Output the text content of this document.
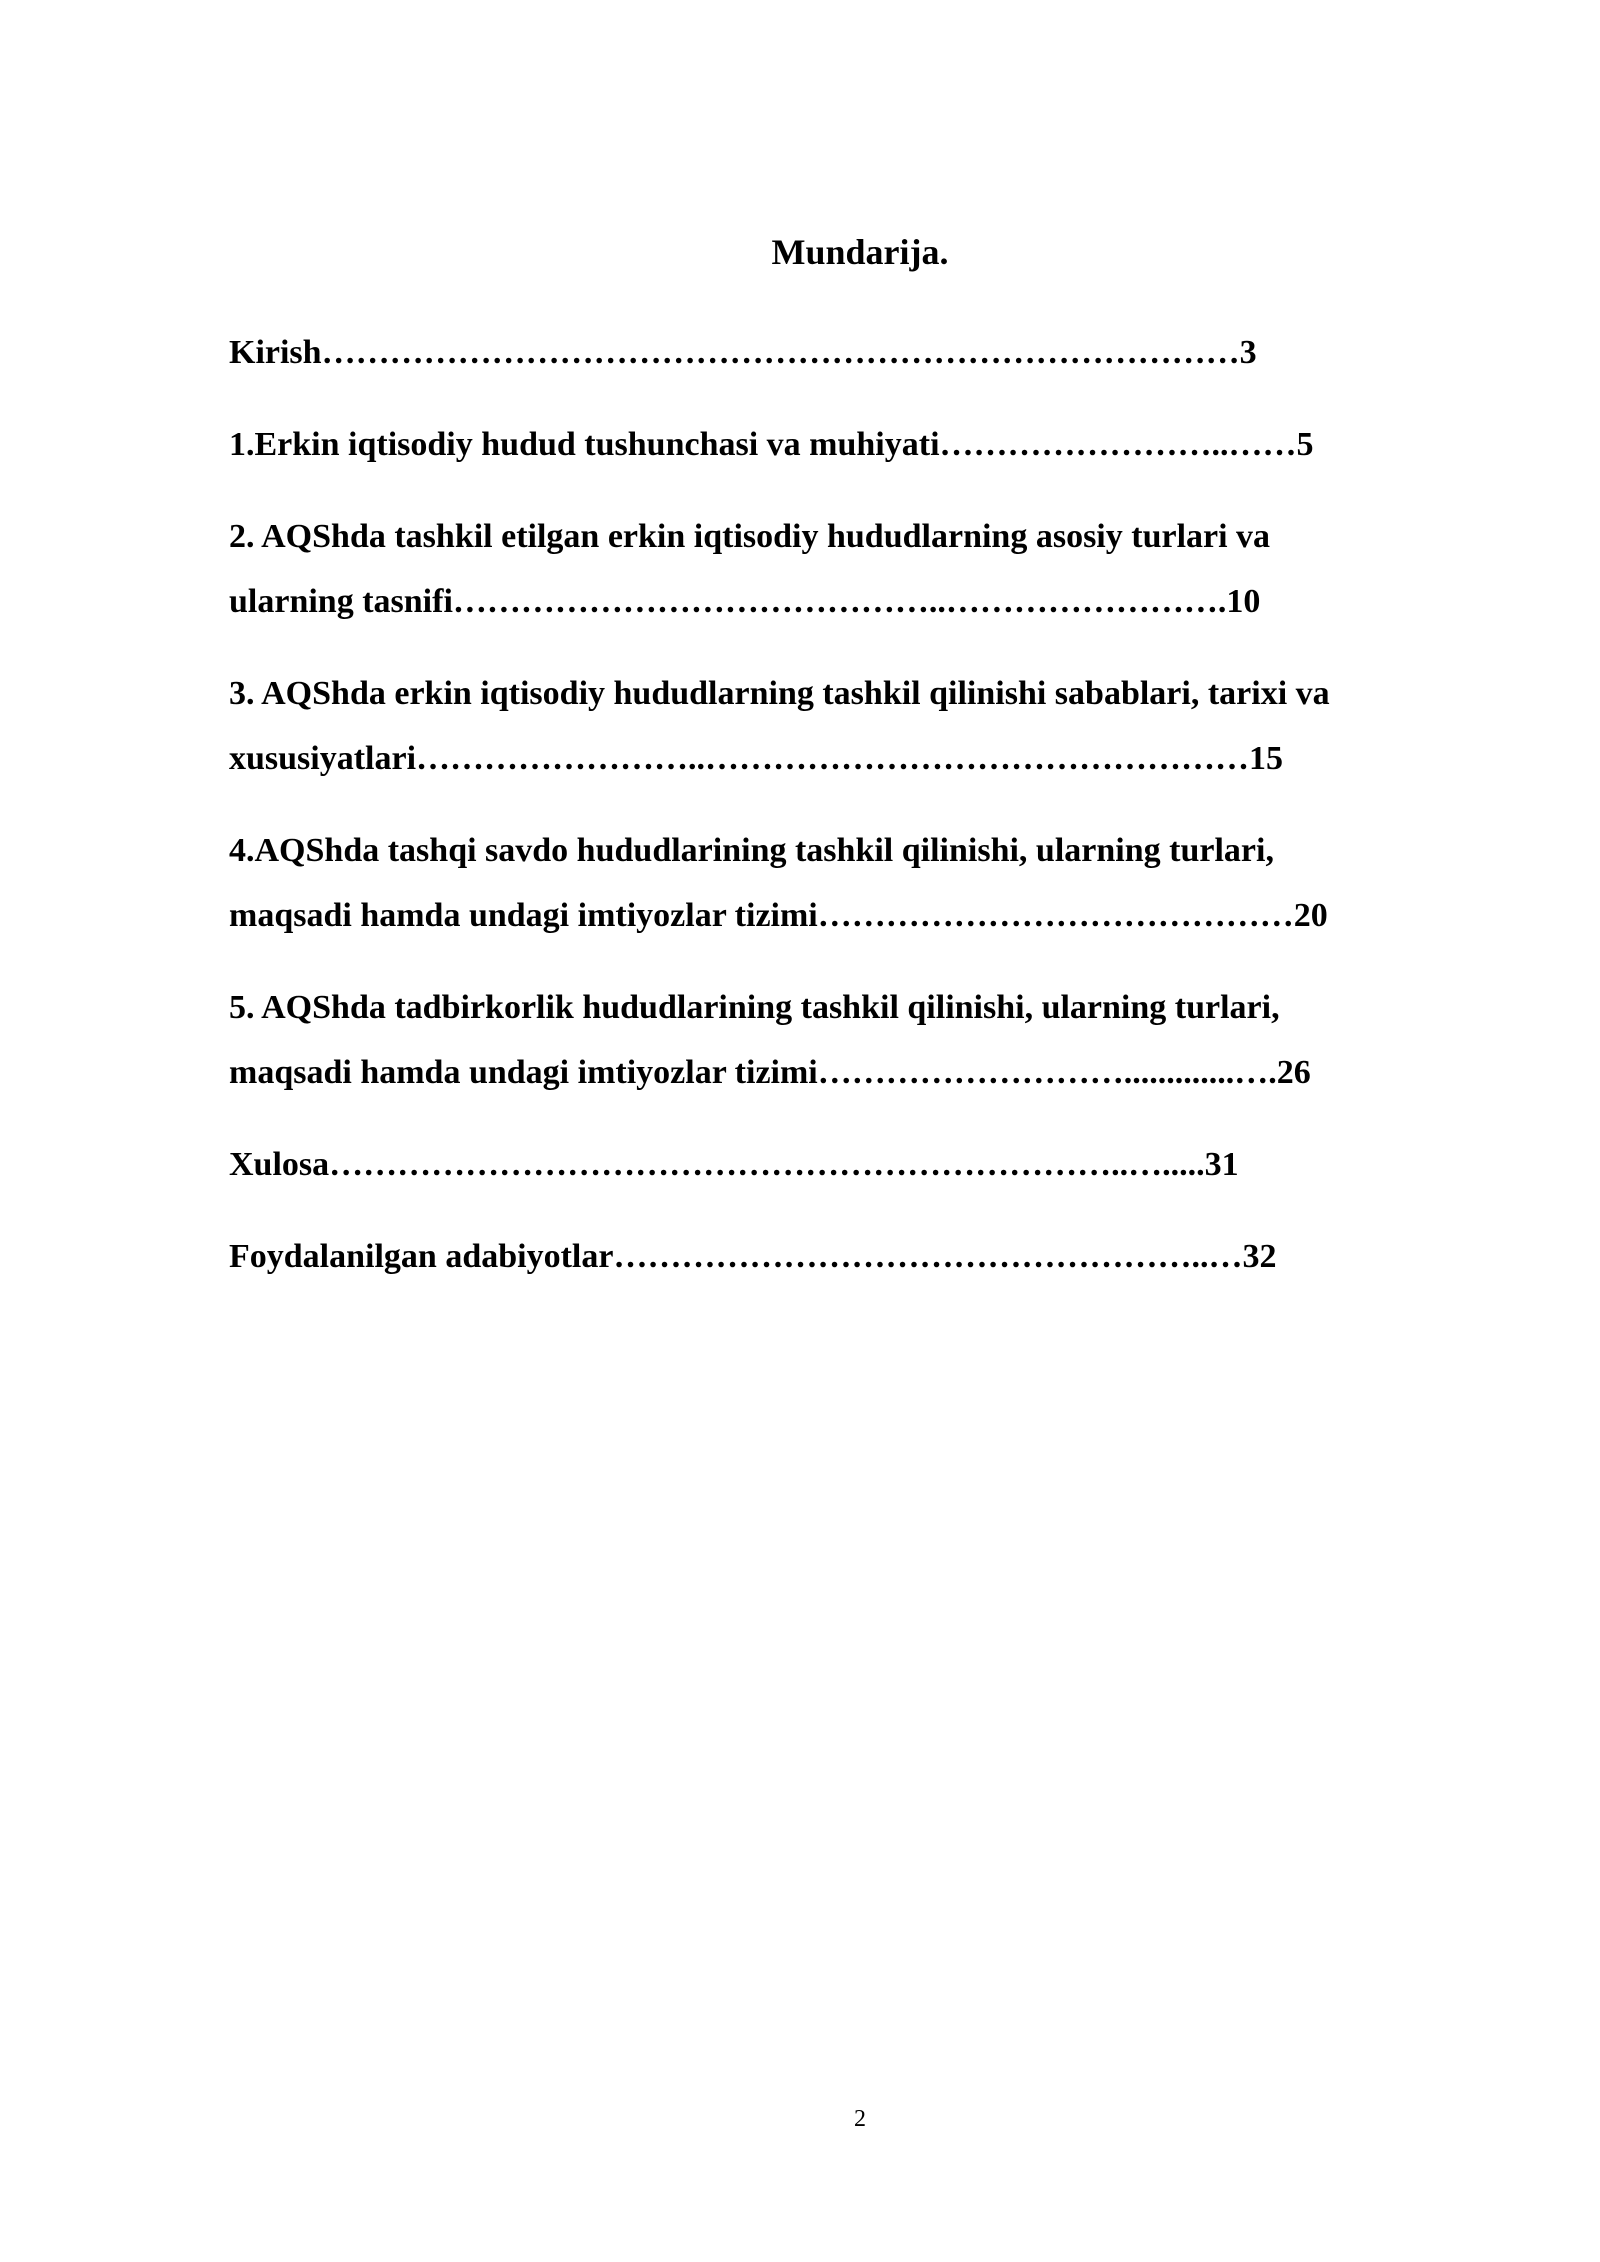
Mundarija.
Kirish………………………………………………………………………3
1.Erkin iqtisodiy hudud tushunchasi va muhiyati……………………..……5
2. AQShda tashkil etilgan erkin iqtisodiy hududlarning asosiy turlari va
ularning tasnifi……………………………………..…………………….10
3. AQShda erkin iqtisodiy hududlarning tashkil qilinishi sabablari, tarixi va
xususiyatlari……………………..…………………………………………15
4.AQShda tashqi savdo hududlarining tashkil qilinishi, ularning turlari,
maqsadi hamda undagi imtiyozlar tizimi……………………………………20
5. AQShda tadbirkorlik hududlarining tashkil qilinishi, ularning turlari,
maqsadi hamda undagi imtiyozlar tizimi……………………….............….26
Xulosa……………………………………………………………..….....31
Foydalanilgan adabiyotlar……………………………………………..…32
2
